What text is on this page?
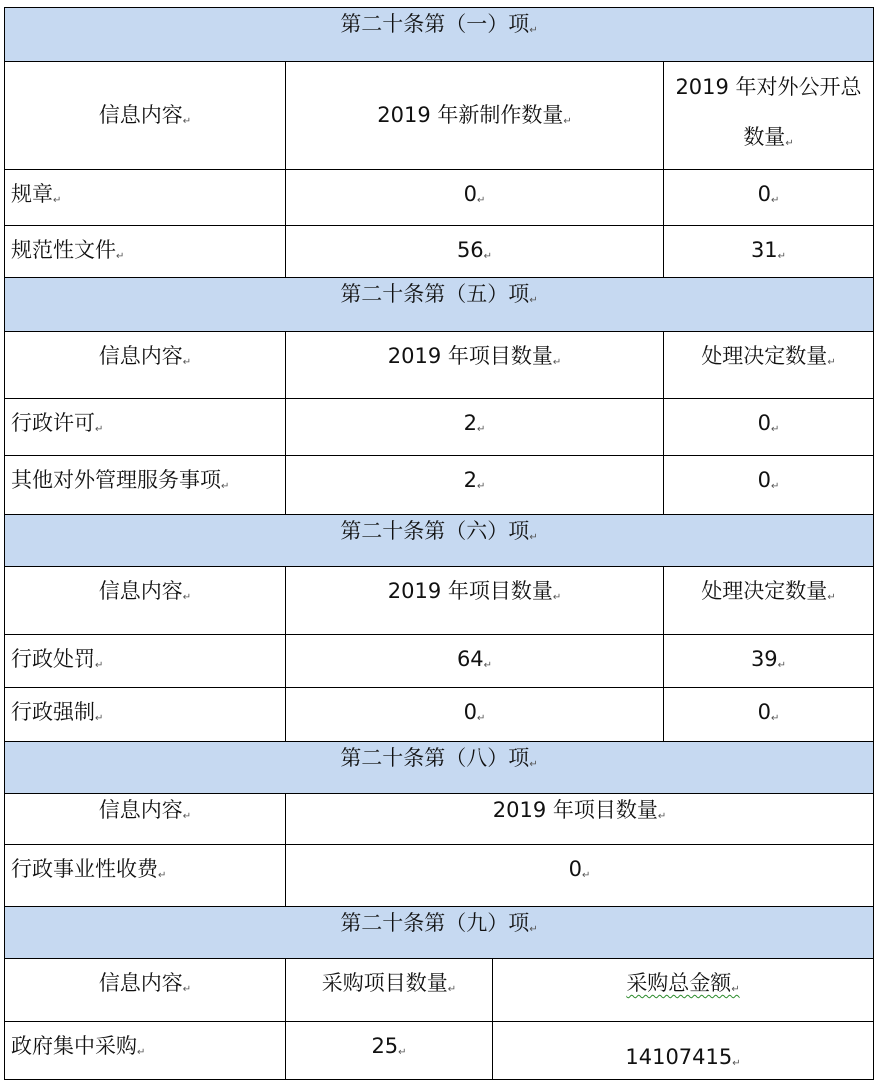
第二十条第（一）项 ↵
信息内容 ↵	2019 年新制作数量 ↵		2019 年对外公开总数量 ↵
规章 ↵	0 ↵		0 ↵
规范性文件 ↵	56 ↵		31 ↵
第二十条第（五）项 ↵
信息内容 ↵	2019 年项目数量 ↵		处理决定数量 ↵
行政许可 ↵	2 ↵		0 ↵
其他对外管理服务事项 ↵	2 ↵		0 ↵
第二十条第（六）项 ↵
信息内容 ↵	2019 年项目数量 ↵		处理决定数量 ↵
行政处罚 ↵	64 ↵		39 ↵
行政强制 ↵	0 ↵		0 ↵
第二十条第（八）项 ↵
信息内容 ↵	2019 年项目数量 ↵
行政事业性收费 ↵	0 ↵
第二十条第（九）项 ↵
信息内容 ↵	采购项目数量 ↵	采购总金额 ↵
政府集中采购 ↵	25 ↵	14107415 ↵
